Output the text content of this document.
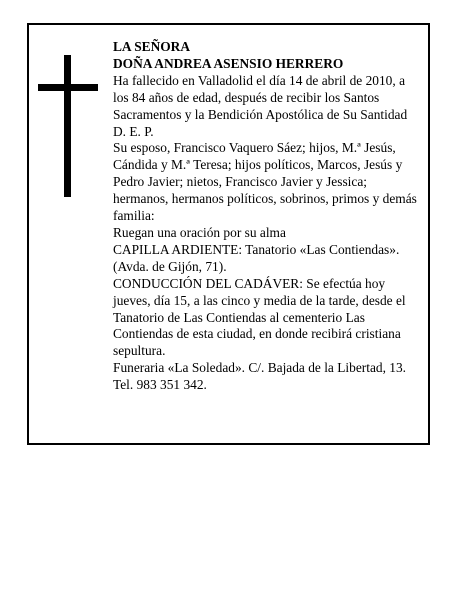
LA SEÑORA

DOÑA ANDREA ASENSIO HERRERO

Ha fallecido en Valladolid el día 14 de abril de 2010, a los 84 años de edad, después de recibir los Santos Sacramentos y la Bendición Apostólica de Su Santidad D. E. P.

Su esposo, Francisco Vaquero Sáez; hijos, M.ª Jesús, Cándida y M.ª Teresa; hijos políticos, Marcos, Jesús y Pedro Javier; nietos, Francisco Javier y Jessica; hermanos, hermanos políticos, sobrinos, primos y demás familia:

Ruegan una oración por su alma

CAPILLA ARDIENTE: Tanatorio «Las Contiendas». (Avda. de Gijón, 71).

CONDUCCIÓN DEL CADÁVER: Se efectúa hoy jueves, día 15, a las cinco y media de la tarde, desde el Tanatorio de Las Contiendas al cementerio Las Contiendas de esta ciudad, en donde recibirá cristiana sepultura.

Funeraria «La Soledad». C/. Bajada de la Libertad, 13. Tel. 983 351 342.
